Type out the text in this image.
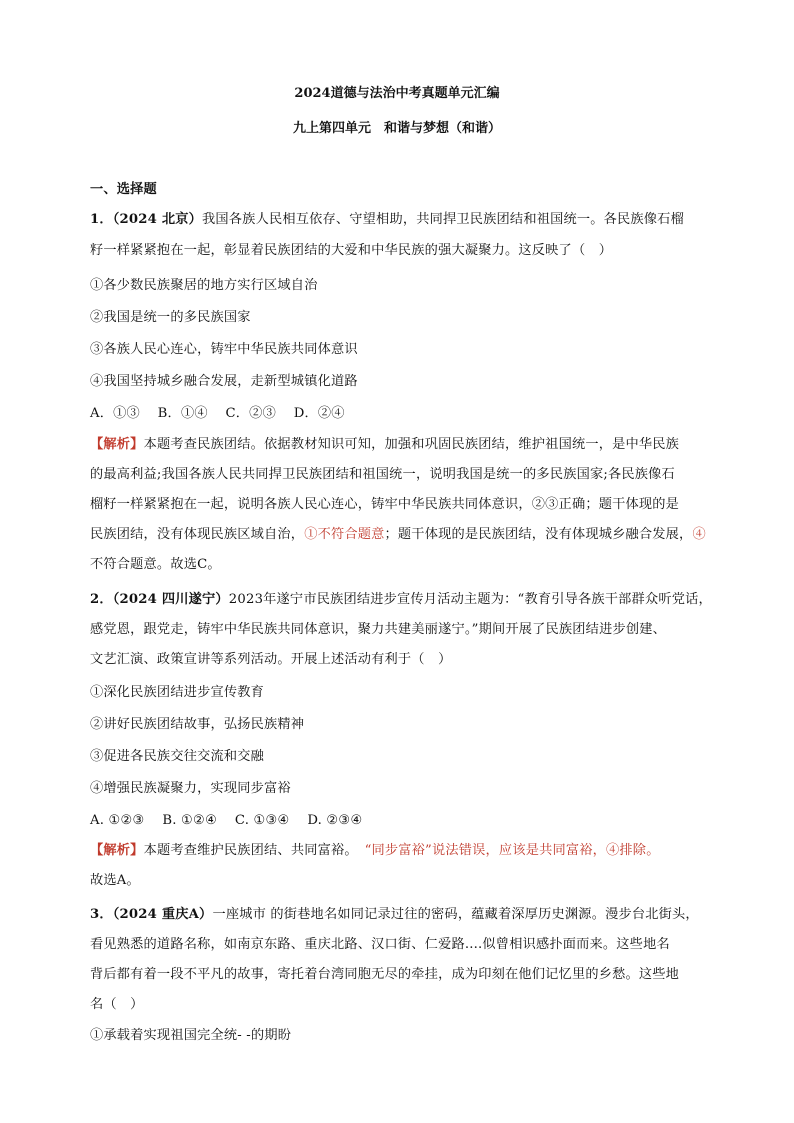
2024道德与法治中考真题单元汇编
九上第四单元　和谐与梦想（和谐）
一、选择题
1．（2024 北京）我国各族人民相互依存、守望相助，共同捍卫民族团结和祖国统一。各民族像石榴
籽一样紧紧抱在一起，彰显着民族团结的大爱和中华民族的强大凝聚力。这反映了（　）
①各少数民族聚居的地方实行区域自治
②我国是统一的多民族国家
③各族人民心连心，铸牢中华民族共同体意识
④我国坚持城乡融合发展，走新型城镇化道路
A．①③　 B．①④　 C．②③　 D．②④
【解析】本题考查民族团结。依据教材知识可知，加强和巩固民族团结，维护祖国统一，是中华民族
的最高利益;我国各族人民共同捍卫民族团结和祖国统一，说明我国是统一的多民族国家;各民族像石
榴籽一样紧紧抱在一起，说明各族人民心连心，铸牢中华民族共同体意识，②③正确；题干体现的是
民族团结，没有体现民族区域自治，①不符合题意；题干体现的是民族团结，没有体现城乡融合发展，④
不符合题意。故选C。
2．（2024 四川遂宁）2023年遂宁市民族团结进步宣传月活动主题为：“教育引导各族干部群众听党话，
感党恩，跟党走，铸牢中华民族共同体意识，聚力共建美丽遂宁。”期间开展了民族团结进步创建、
文艺汇演、政策宣讲等系列活动。开展上述活动有利于（　）
①深化民族团结进步宣传教育
②讲好民族团结故事，弘扬民族精神
③促进各民族交往交流和交融
④增强民族凝聚力，实现同步富裕
A. ①②③　 B. ①②④　 C. ①③④　 D. ②③④
【解析】本题考查维护民族团结、共同富裕。　“同步富裕”说法错误，应该是共同富裕，④排除。
故选A。
3．（2024 重庆A）一座城市 的街巷地名如同记录过往的密码，蕴藏着深厚历史渊源。漫步台北街头，
看见熟悉的道路名称，如南京东路、重庆北路、汉口街、仁爱路....似曾相识感扑面而来。这些地名
背后都有着一段不平凡的故事，寄托着台湾同胞无尽的牵挂，成为印刻在他们记忆里的乡愁。这些地
名（　）
①承载着实现祖国完全统- -的期盼
